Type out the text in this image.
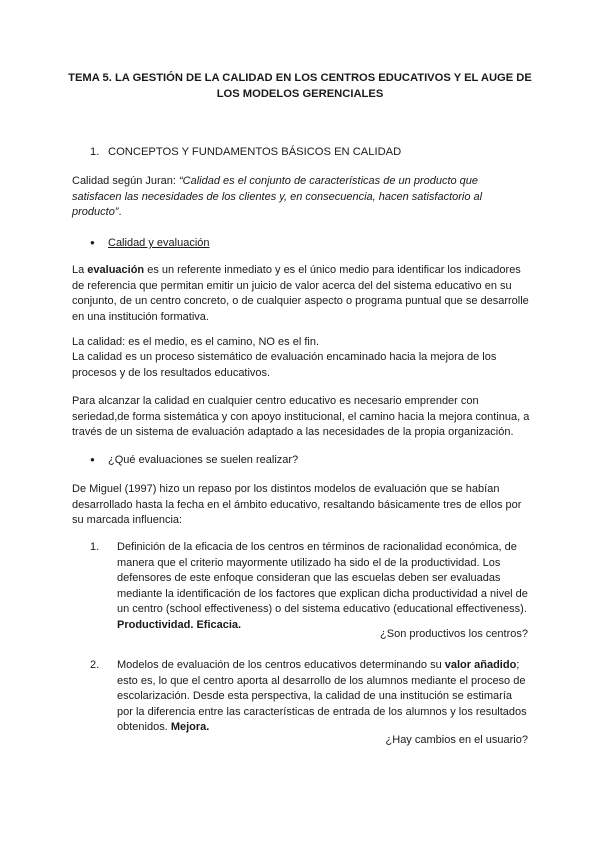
TEMA 5. LA GESTIÓN DE LA CALIDAD EN LOS CENTROS EDUCATIVOS Y EL AUGE DE LOS MODELOS GERENCIALES
1. CONCEPTOS Y FUNDAMENTOS BÁSICOS EN CALIDAD

Calidad según Juran: “Calidad es el conjunto de características de un producto que satisfacen las necesidades de los clientes y, en consecuencia, hacen satisfactorio al producto”.

● Calidad y evaluación

La evaluación es un referente inmediato y es el único medio para identificar los indicadores de referencia que permitan emitir un juicio de valor acerca del del sistema educativo en su conjunto, de un centro concreto, o de cualquier aspecto o programa puntual que se desarrolle en una institución formativa.

La calidad: es el medio, es el camino, NO es el fin.

La calidad es un proceso sistemático de evaluación encaminado hacia la mejora de los procesos y de los resultados educativos.

Para alcanzar la calidad en cualquier centro educativo es necesario emprender con seriedad,de forma sistemática y con apoyo institucional, el camino hacia la mejora continua, a través de un sistema de evaluación adaptado a las necesidades de la propia organización.

● ¿Qué evaluaciones se suelen realizar?

De Miguel (1997) hizo un repaso por los distintos modelos de evaluación que se habían desarrollado hasta la fecha en el ámbito educativo, resaltando básicamente tres de ellos por su marcada influencia:

1. Definición de la eficacia de los centros en términos de racionalidad económica, de manera que el criterio mayormente utilizado ha sido el de la productividad. Los defensores de este enfoque consideran que las escuelas deben ser evaluadas mediante la identificación de los factores que explican dicha productividad a nivel de un centro (school effectiveness) o del sistema educativo (educational effectiveness). Productividad. Eficacia.
¿Son productivos los centros?
2. Modelos de evaluación de los centros educativos determinando su valor añadido; esto es, lo que el centro aporta al desarrollo de los alumnos mediante el proceso de escolarización. Desde esta perspectiva, la calidad de una institución se estimaría por la diferencia entre las características de entrada de los alumnos y los resultados obtenidos. Mejora.
¿Hay cambios en el usuario?
